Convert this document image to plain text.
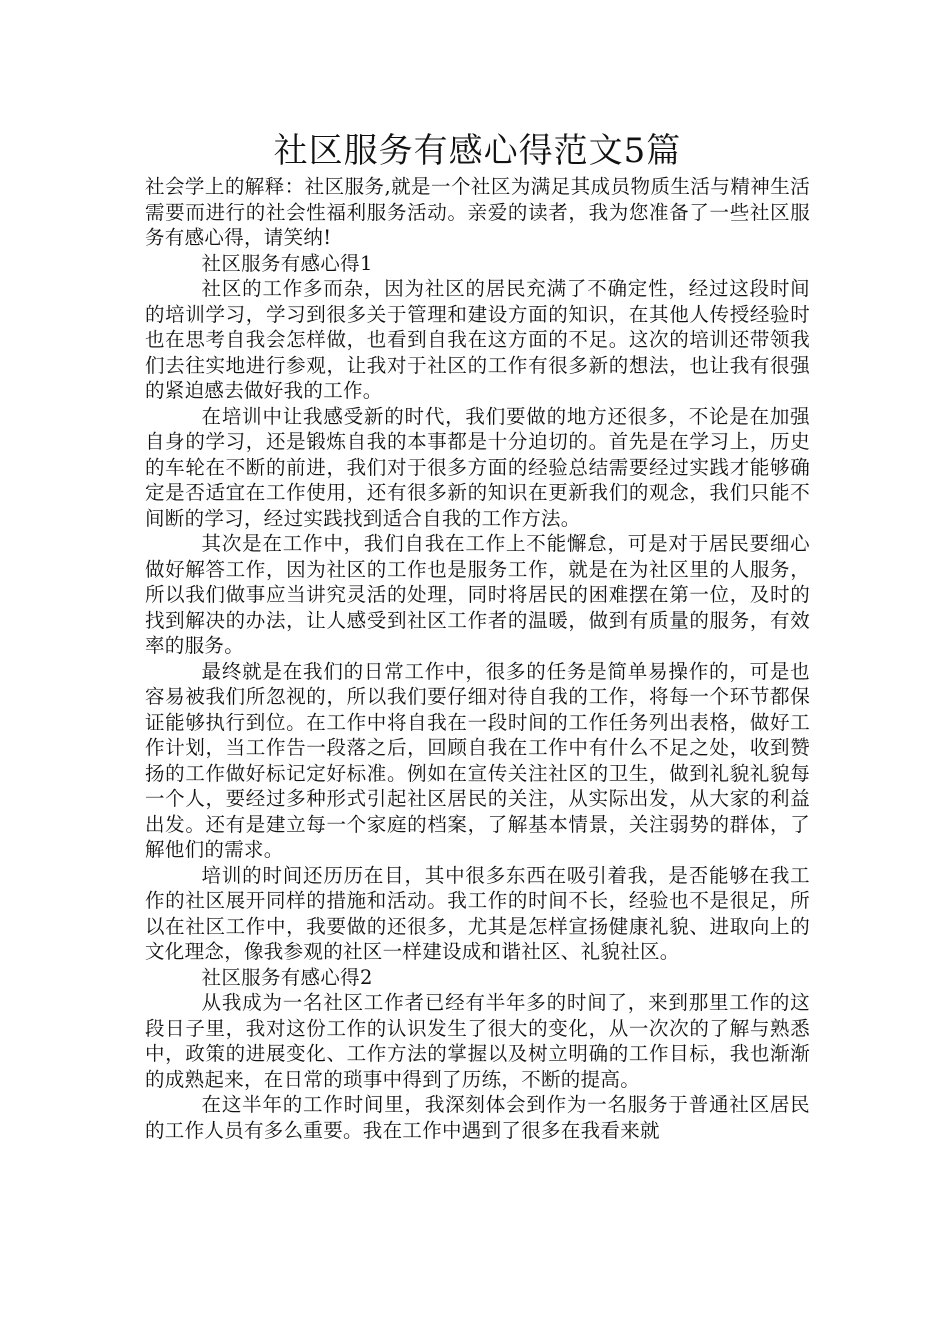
社区服务有感心得范文5篇

社会学上的解释：社区服务,就是一个社区为满足其成员物质生活与精神生活需要而进行的社会性福利服务活动。亲爱的读者，我为您准备了一些社区服务有感心得，请笑纳!

社区服务有感心得1

社区的工作多而杂，因为社区的居民充满了不确定性，经过这段时间的培训学习，学习到很多关于管理和建设方面的知识，在其他人传授经验时也在思考自我会怎样做，也看到自我在这方面的不足。这次的培训还带领我们去往实地进行参观，让我对于社区的工作有很多新的想法，也让我有很强的紧迫感去做好我的工作。

在培训中让我感受新的时代，我们要做的地方还很多，不论是在加强自身的学习，还是锻炼自我的本事都是十分迫切的。首先是在学习上，历史的车轮在不断的前进，我们对于很多方面的经验总结需要经过实践才能够确定是否适宜在工作使用，还有很多新的知识在更新我们的观念，我们只能不间断的学习，经过实践找到适合自我的工作方法。

其次是在工作中，我们自我在工作上不能懈怠，可是对于居民要细心做好解答工作，因为社区的工作也是服务工作，就是在为社区里的人服务，所以我们做事应当讲究灵活的处理，同时将居民的困难摆在第一位，及时的找到解决的办法，让人感受到社区工作者的温暖，做到有质量的服务，有效率的服务。

最终就是在我们的日常工作中，很多的任务是简单易操作的，可是也容易被我们所忽视的，所以我们要仔细对待自我的工作，将每一个环节都保证能够执行到位。在工作中将自我在一段时间的工作任务列出表格，做好工作计划，当工作告一段落之后，回顾自我在工作中有什么不足之处，收到赞扬的工作做好标记定好标准。例如在宣传关注社区的卫生，做到礼貌礼貌每一个人，要经过多种形式引起社区居民的关注，从实际出发，从大家的利益出发。还有是建立每一个家庭的档案，了解基本情景，关注弱势的群体，了解他们的需求。

培训的时间还历历在目，其中很多东西在吸引着我，是否能够在我工作的社区展开同样的措施和活动。我工作的时间不长，经验也不是很足，所以在社区工作中，我要做的还很多，尤其是怎样宣扬健康礼貌、进取向上的文化理念，像我参观的社区一样建设成和谐社区、礼貌社区。

社区服务有感心得2

从我成为一名社区工作者已经有半年多的时间了，来到那里工作的这段日子里，我对这份工作的认识发生了很大的变化，从一次次的了解与熟悉中，政策的进展变化、工作方法的掌握以及树立明确的工作目标，我也渐渐的成熟起来，在日常的琐事中得到了历练，不断的提高。

在这半年的工作时间里，我深刻体会到作为一名服务于普通社区居民的工作人员有多么重要。我在工作中遇到了很多在我看来就
